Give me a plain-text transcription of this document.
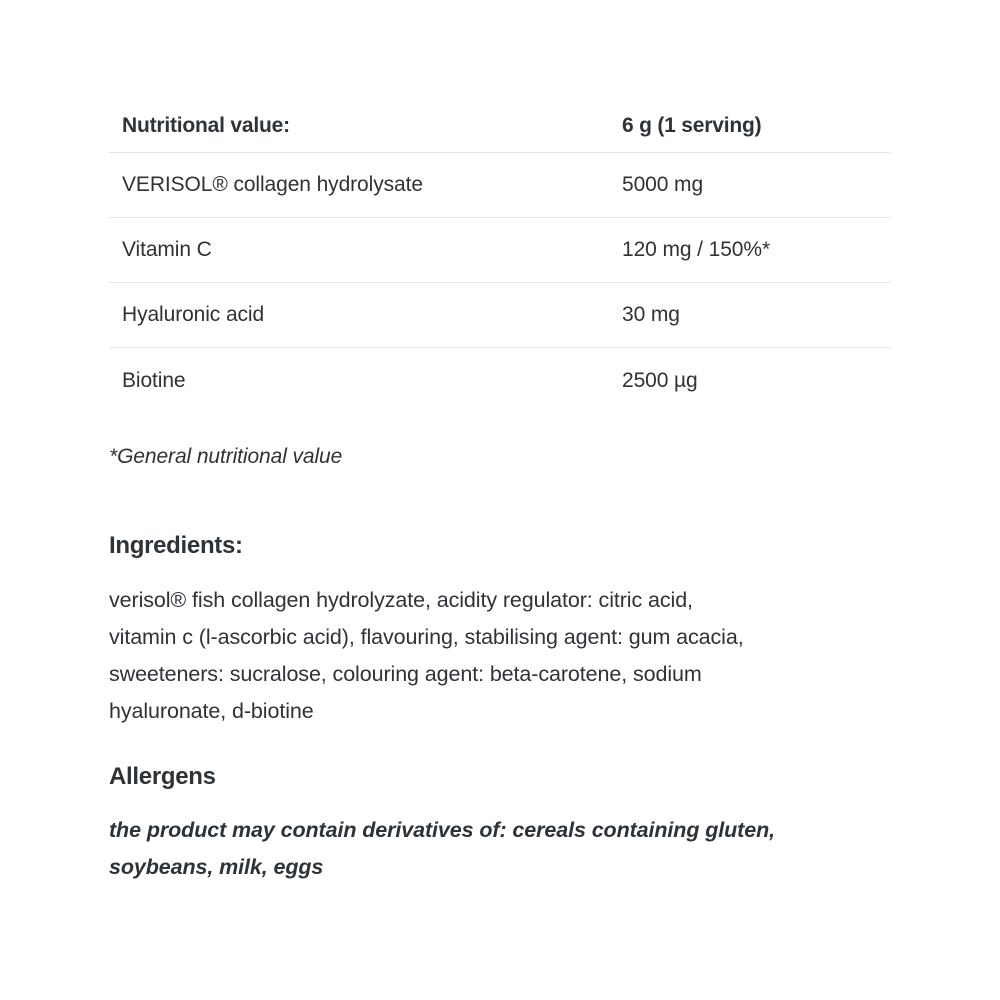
Nutritional value:	6 g (1 serving)
VERISOL® collagen hydrolysate	5000 mg
Vitamin C	120 mg / 150%*
Hyaluronic acid	30 mg
Biotine	2500 µg
*General nutritional value
Ingredients:
verisol® fish collagen hydrolyzate, acidity regulator: citric acid,
vitamin c (l-ascorbic acid), flavouring, stabilising agent: gum acacia,
sweeteners: sucralose, colouring agent: beta-carotene, sodium
hyaluronate, d-biotine
Allergens
the product may contain derivatives of: cereals containing gluten,
soybeans, milk, eggs
